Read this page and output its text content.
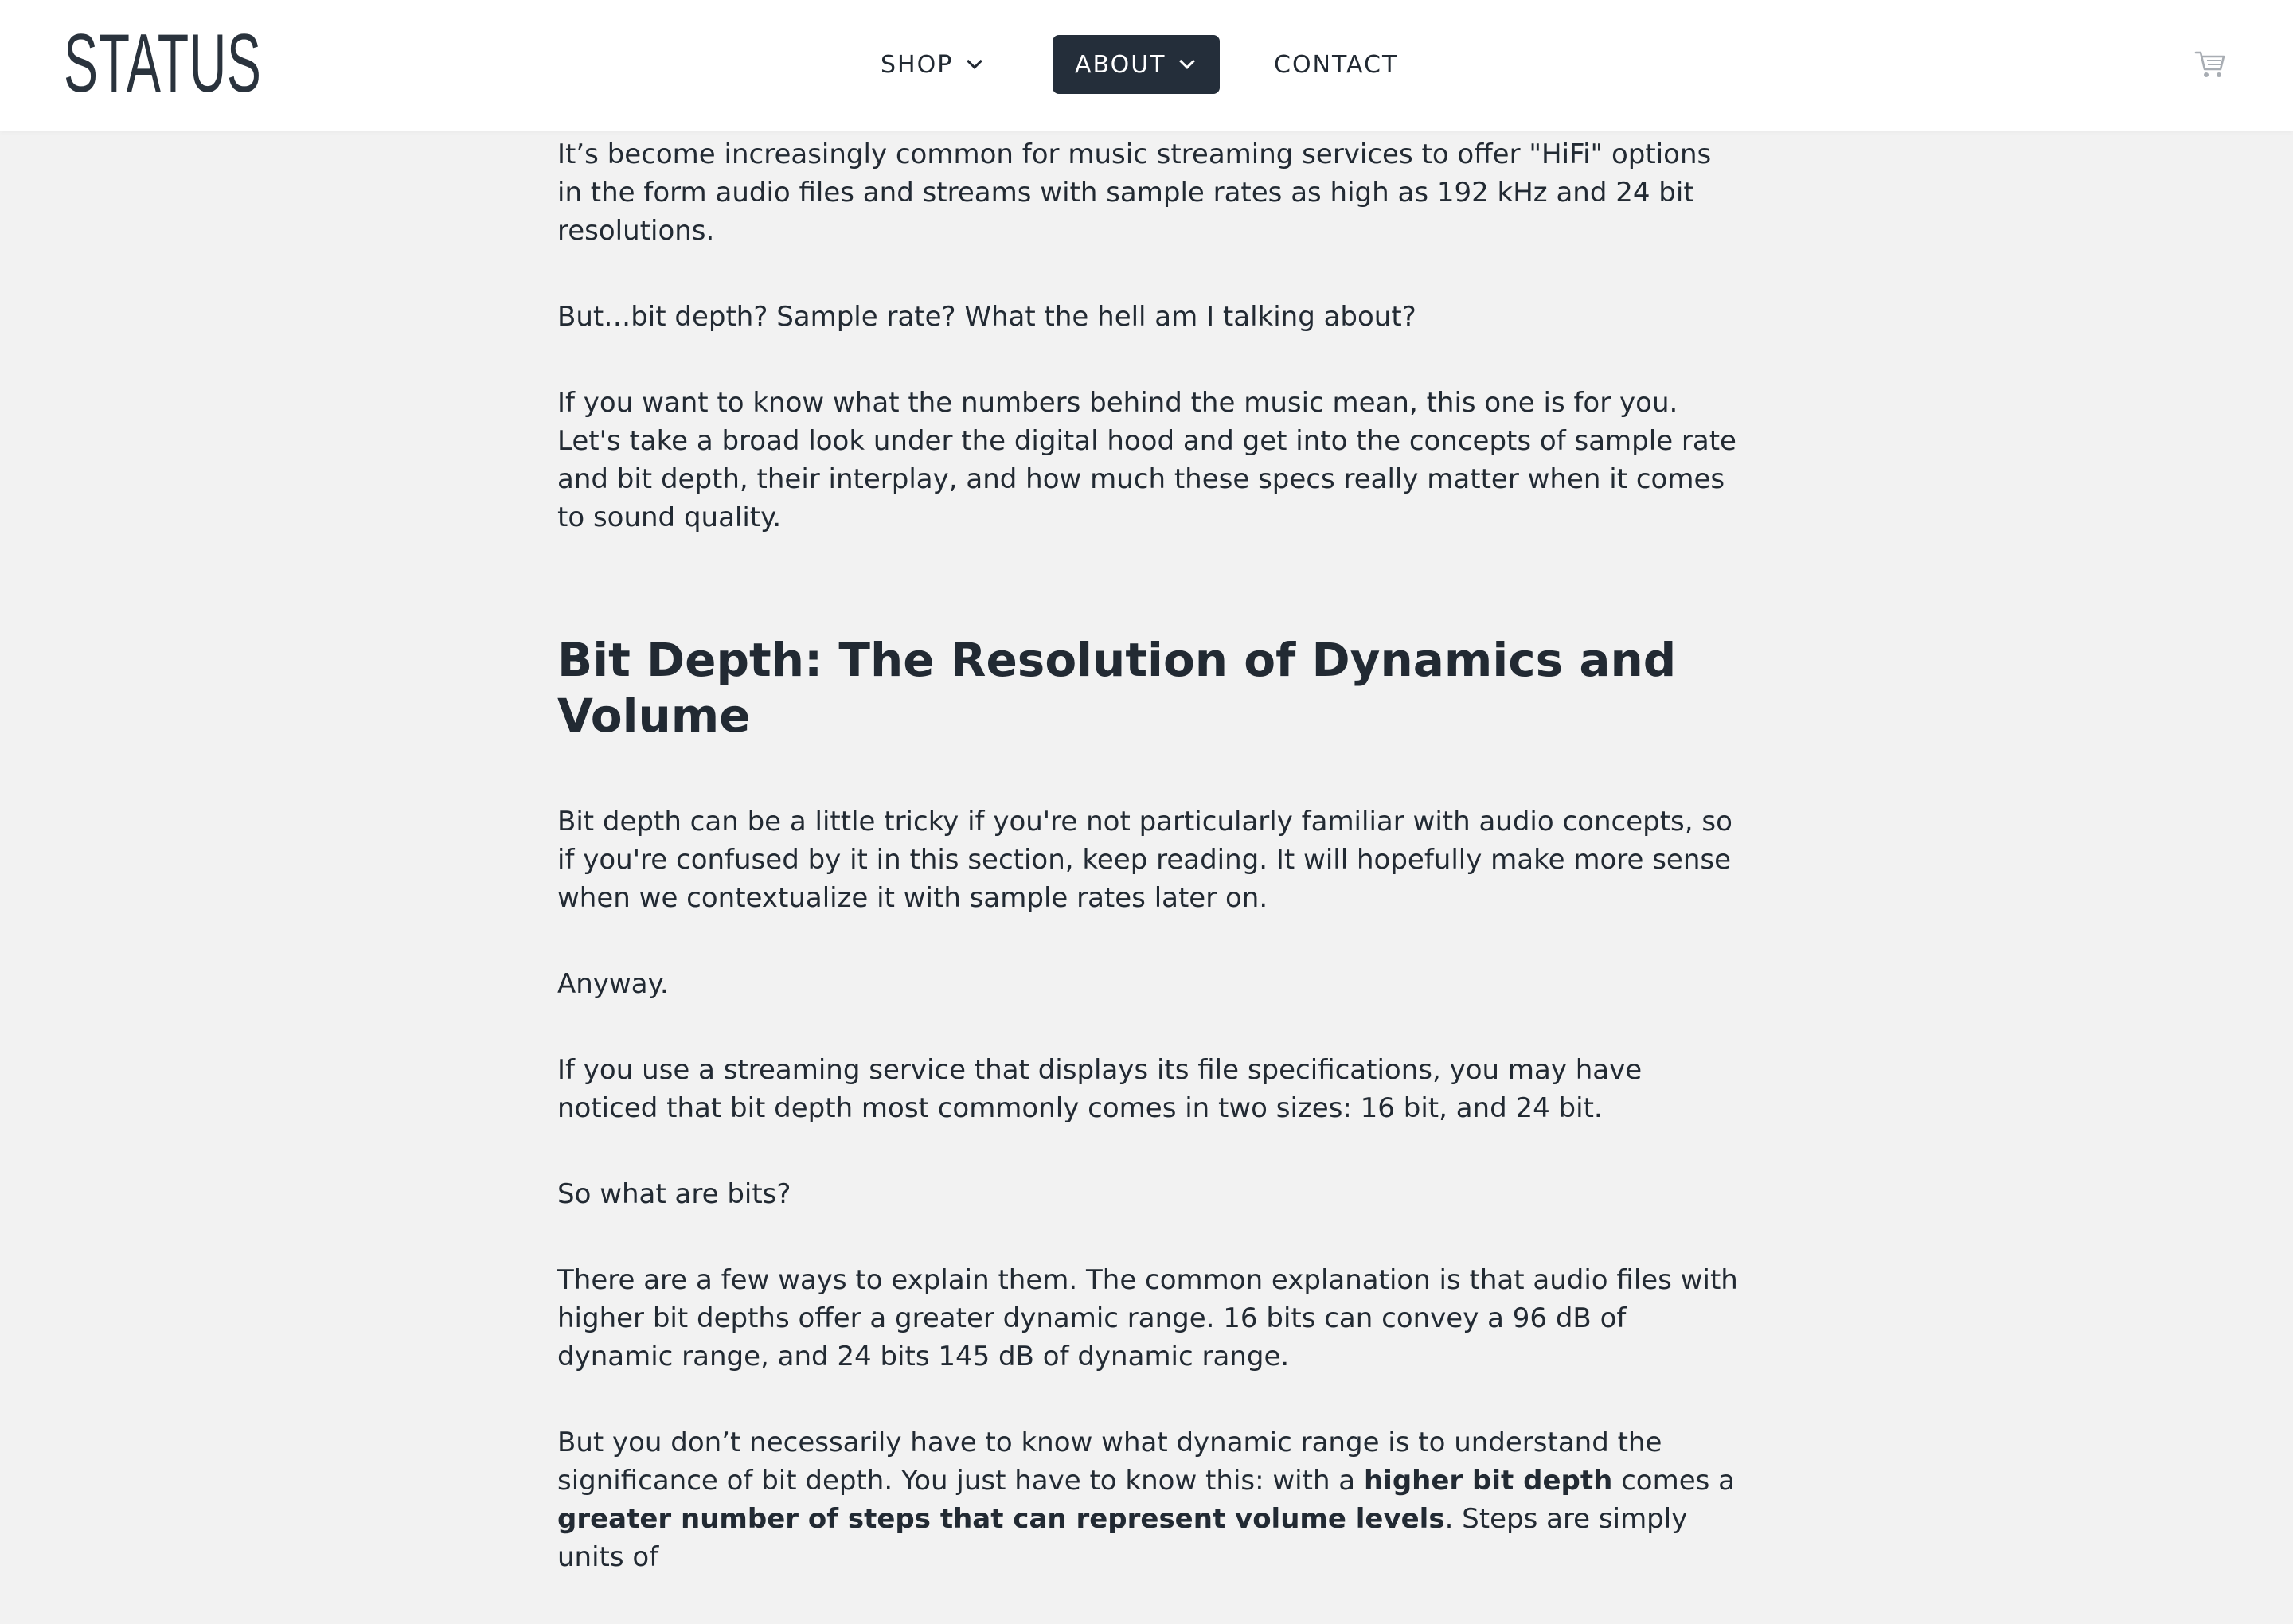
STATUS	SHOP	ABOUT	CONTACT

It’s become increasingly common for music streaming services to offer "HiFi" options in the form audio files and streams with sample rates as high as 192 kHz and 24 bit resolutions.

But…bit depth? Sample rate? What the hell am I talking about?

If you want to know what the numbers behind the music mean, this one is for you. Let's take a broad look under the digital hood and get into the concepts of sample rate and bit depth, their interplay, and how much these specs really matter when it comes to sound quality.

Bit Depth: The Resolution of Dynamics and Volume

Bit depth can be a little tricky if you're not particularly familiar with audio concepts, so if you're confused by it in this section, keep reading. It will hopefully make more sense when we contextualize it with sample rates later on.

Anyway.

If you use a streaming service that displays its file specifications, you may have noticed that bit depth most commonly comes in two sizes: 16 bit, and 24 bit.

So what are bits?

There are a few ways to explain them. The common explanation is that audio files with higher bit depths offer a greater dynamic range. 16 bits can convey a 96 dB of dynamic range, and 24 bits 145 dB of dynamic range.

But you don’t necessarily have to know what dynamic range is to understand the significance of bit depth. You just have to know this: with a higher bit depth comes a greater number of steps that can represent volume levels. Steps are simply units of
